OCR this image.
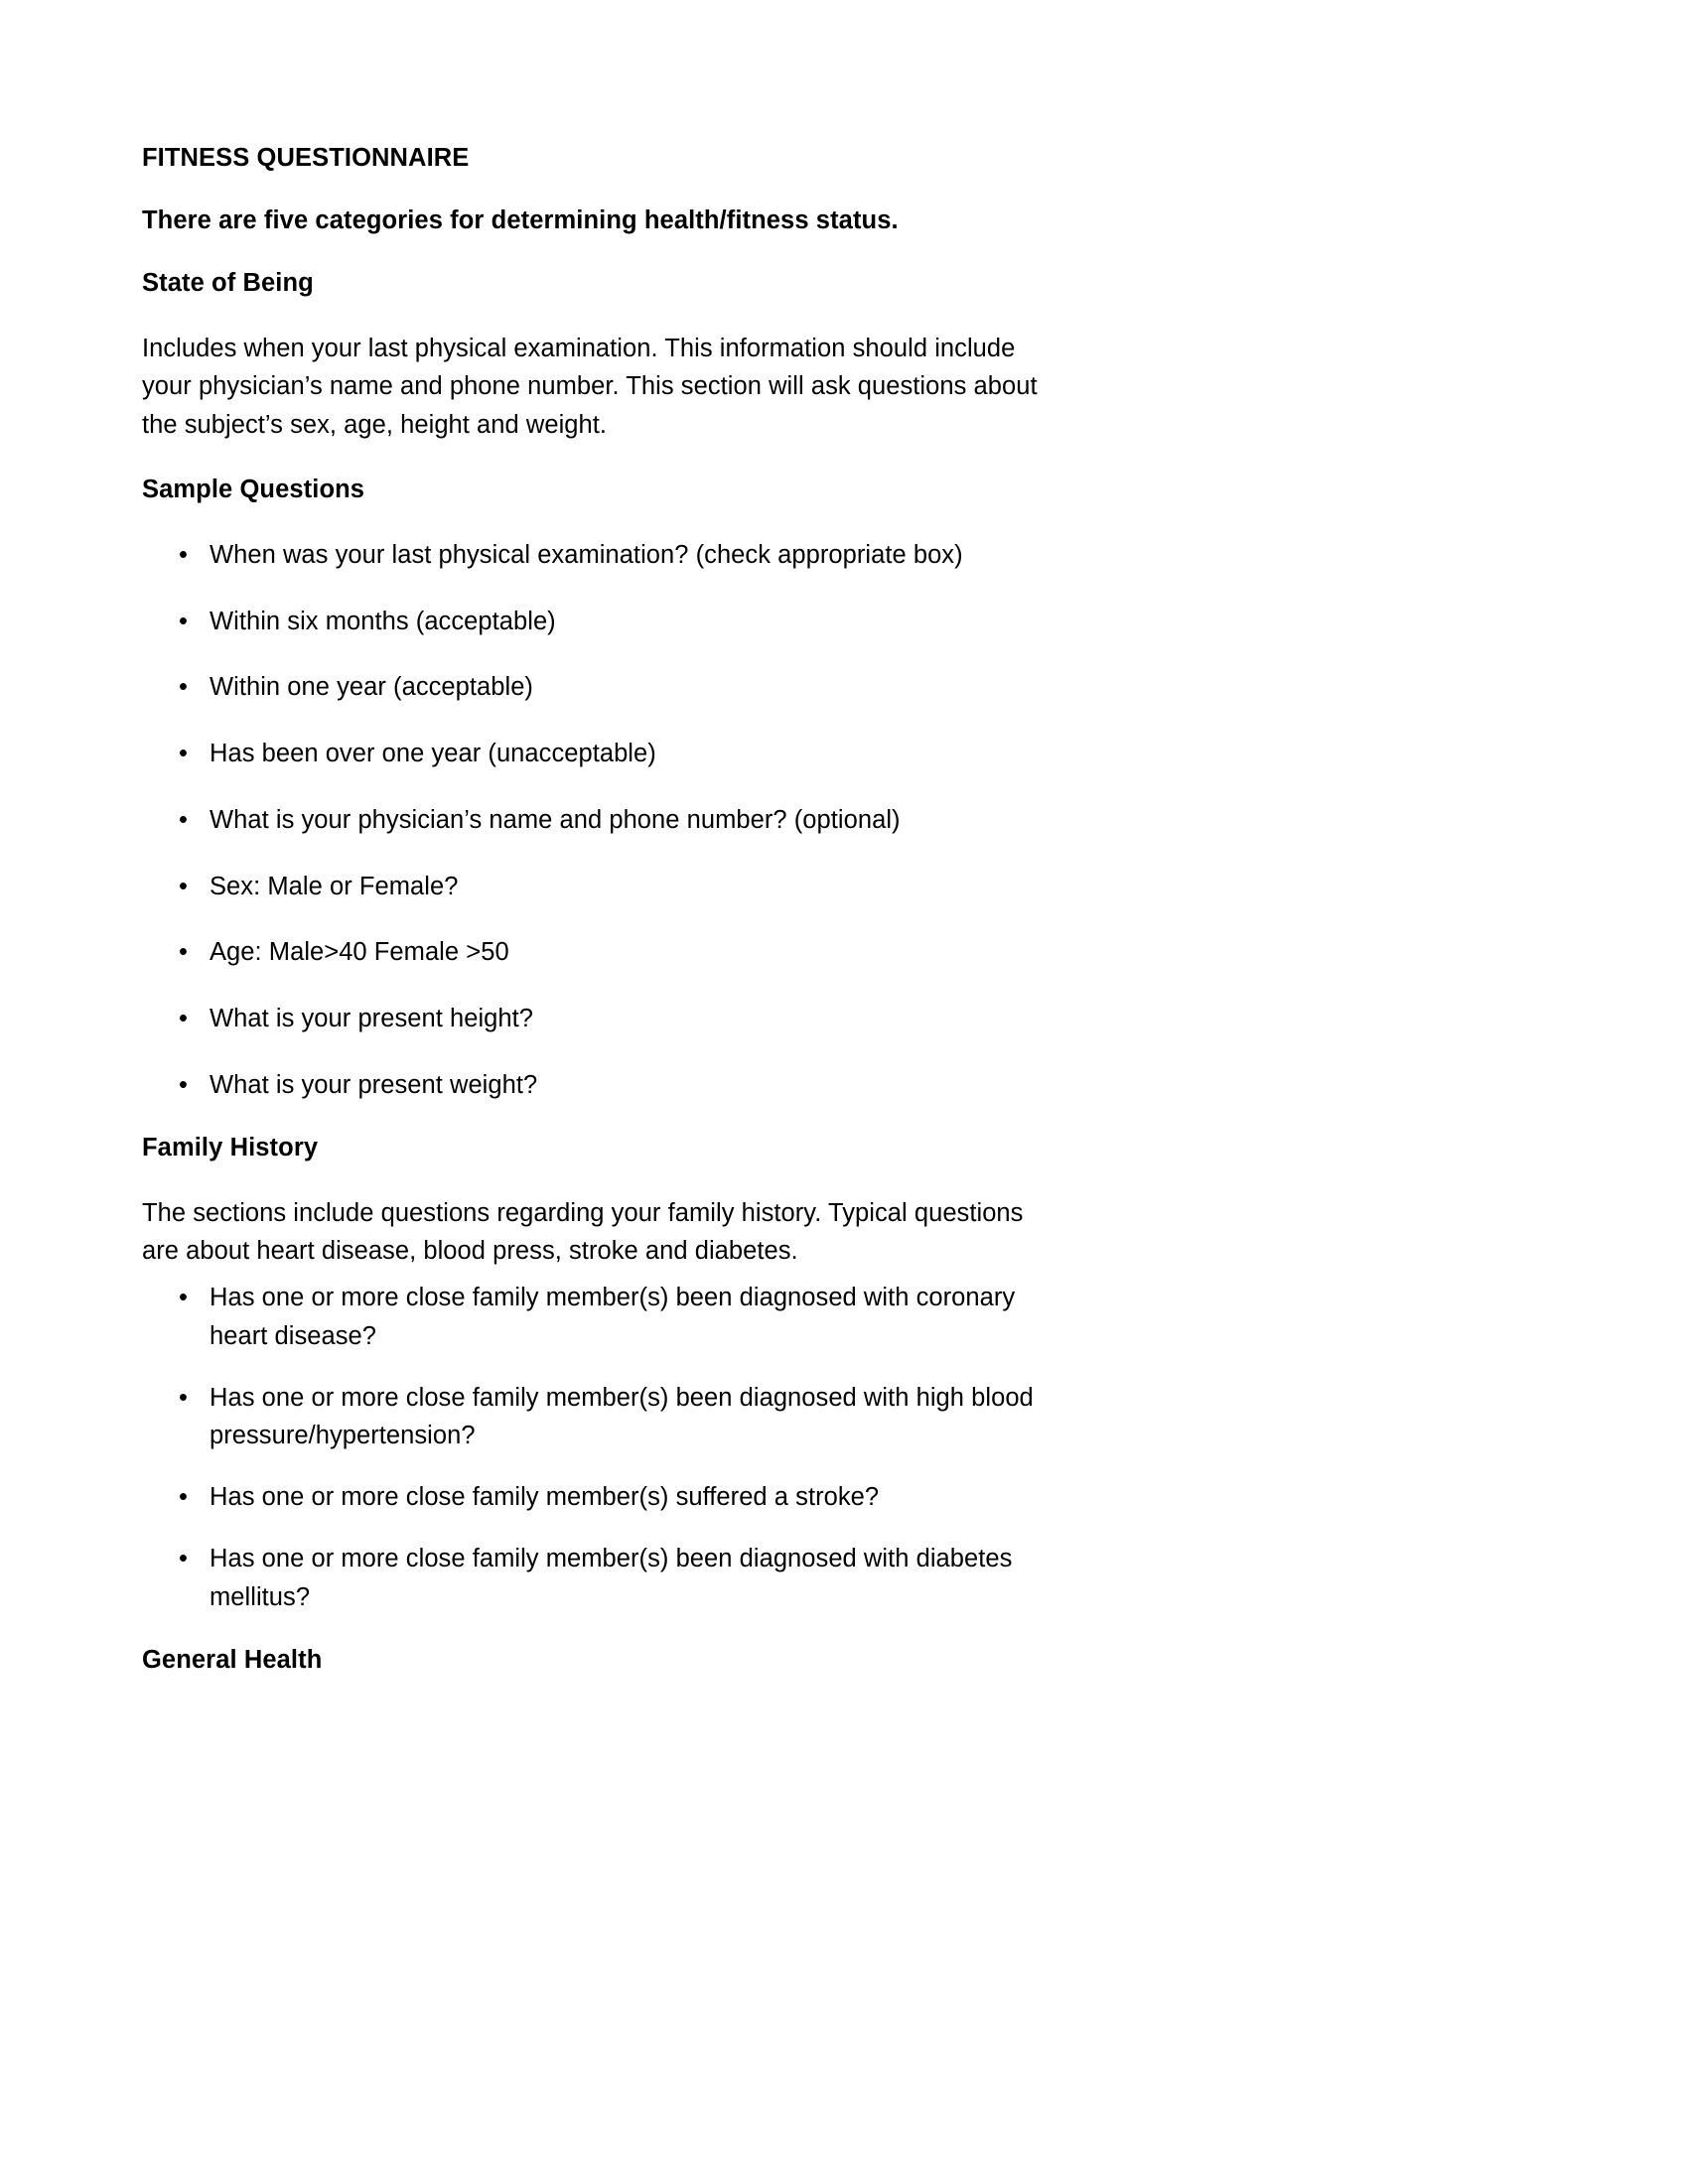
FITNESS QUESTIONNAIRE
There are five categories for determining health/fitness status.
State of Being
Includes when your last physical examination. This information should include your physician’s name and phone number. This section will ask questions about the subject’s sex, age, height and weight.
Sample Questions
• When was your last physical examination? (check appropriate box)
• Within six months (acceptable)
• Within one year (acceptable)
• Has been over one year (unacceptable)
• What is your physician’s name and phone number? (optional)
• Sex: Male or Female?
• Age: Male>40 Female >50
• What is your present height?
• What is your present weight?
Family History
The sections include questions regarding your family history. Typical questions are about heart disease, blood press, stroke and diabetes.
• Has one or more close family member(s) been diagnosed with coronary heart disease?
• Has one or more close family member(s) been diagnosed with high blood pressure/hypertension?
• Has one or more close family member(s) suffered a stroke?
• Has one or more close family member(s) been diagnosed with diabetes mellitus?
General Health
